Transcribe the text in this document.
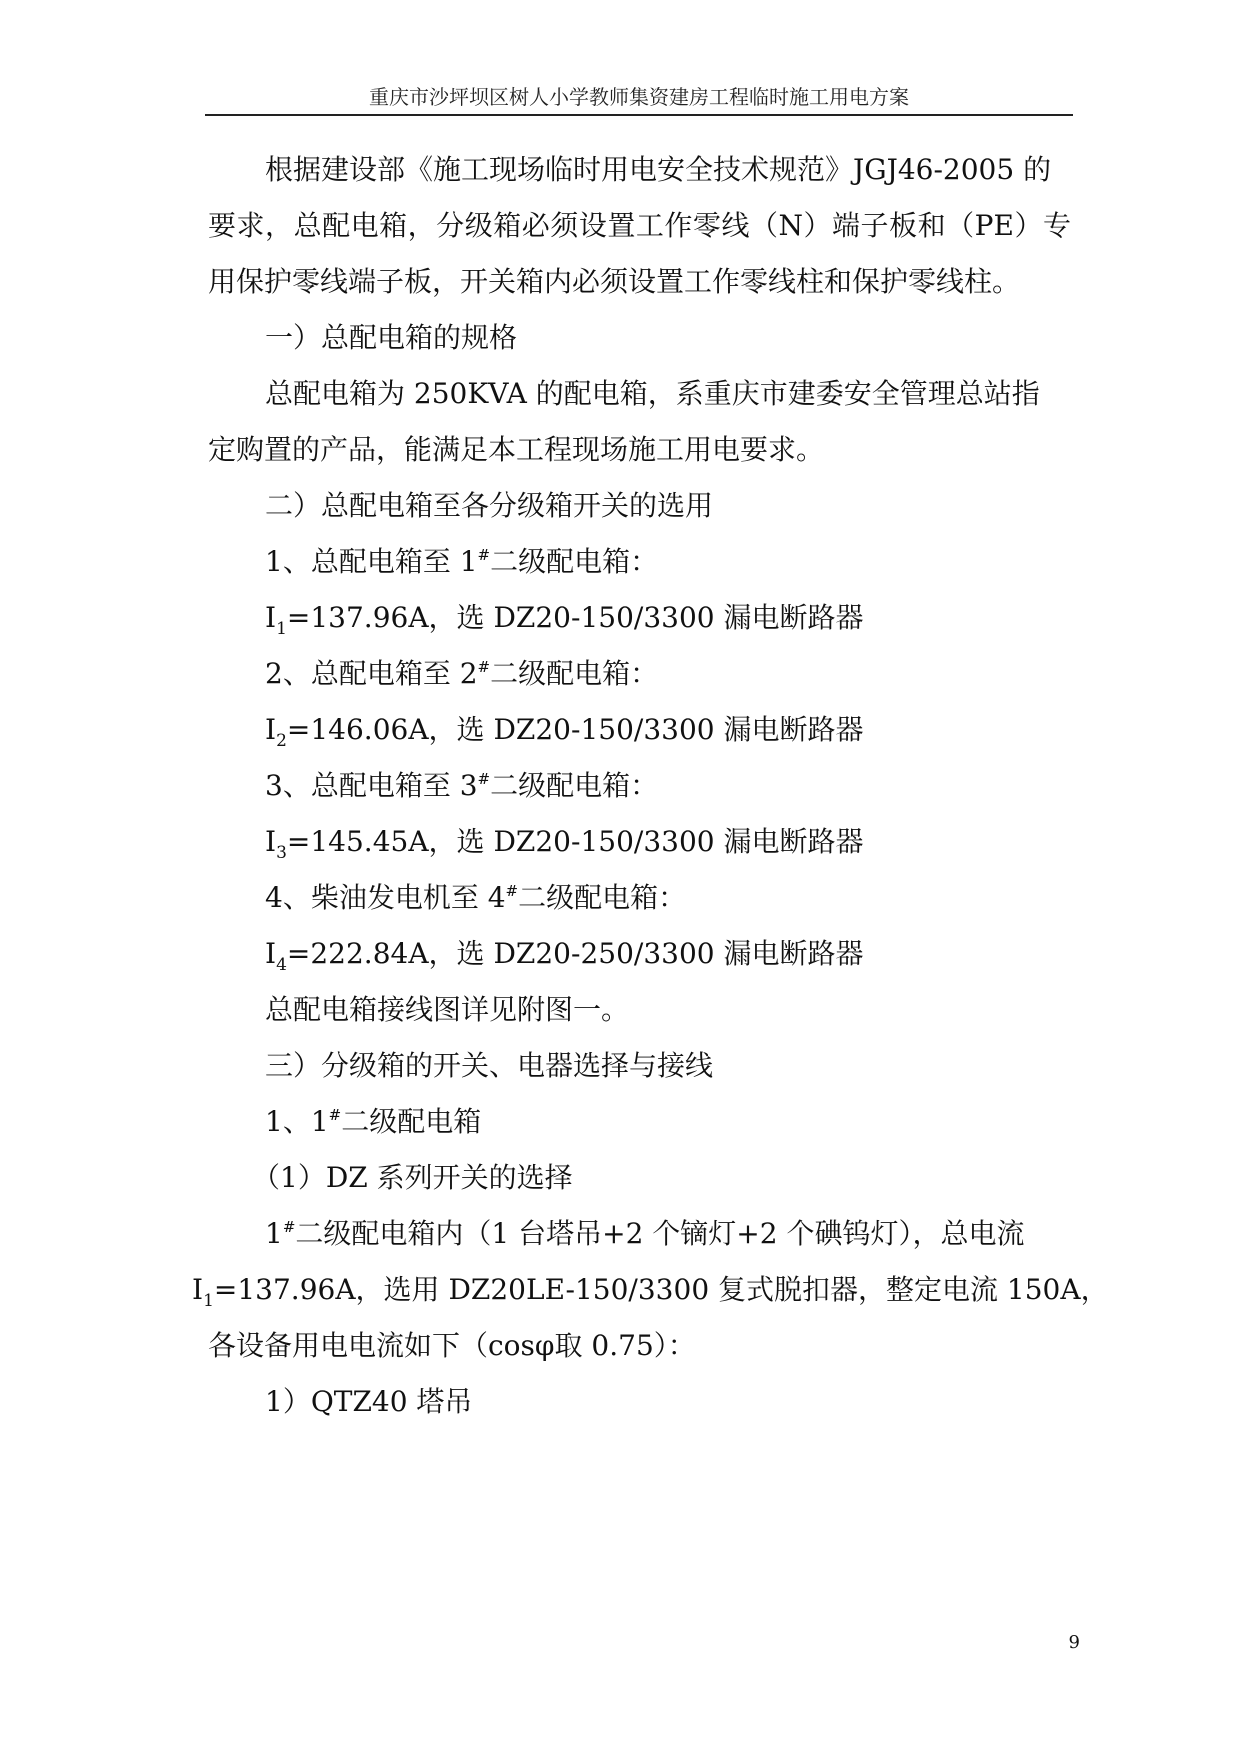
重庆市沙坪坝区树人小学教师集资建房工程临时施工用电方案
根据建设部《施工现场临时用电安全技术规范》JGJ46-2005 的
要求，总配电箱，分级箱必须设置工作零线（N）端子板和（PE）专
用保护零线端子板，开关箱内必须设置工作零线柱和保护零线柱。
一）总配电箱的规格
总配电箱为 250KVA 的配电箱，系重庆市建委安全管理总站指
定购置的产品，能满足本工程现场施工用电要求。
二）总配电箱至各分级箱开关的选用
1、总配电箱至 1#二级配电箱：
$I_1=137.96A$，选 DZ20-150/3300 漏电断路器
2、总配电箱至 2#二级配电箱：
$I_2=146.06A$，选 DZ20-150/3300 漏电断路器
3、总配电箱至 3#二级配电箱：
$I_3=145.45A$，选 DZ20-150/3300 漏电断路器
4、柴油发电机至 4#二级配电箱：
$I_4=222.84A$，选 DZ20-250/3300 漏电断路器
总配电箱接线图详见附图一。
三）分级箱的开关、电器选择与接线
1、1#二级配电箱
（1）DZ 系列开关的选择
1#二级配电箱内（1 台塔吊+2 个镝灯+2 个碘钨灯），总电流
$I_1=137.96A$，选用 DZ20LE-150/3300 复式脱扣器，整定电流 150A，
各设备用电电流如下（cosφ取 0.75）：
1）QTZ40 塔吊
9
